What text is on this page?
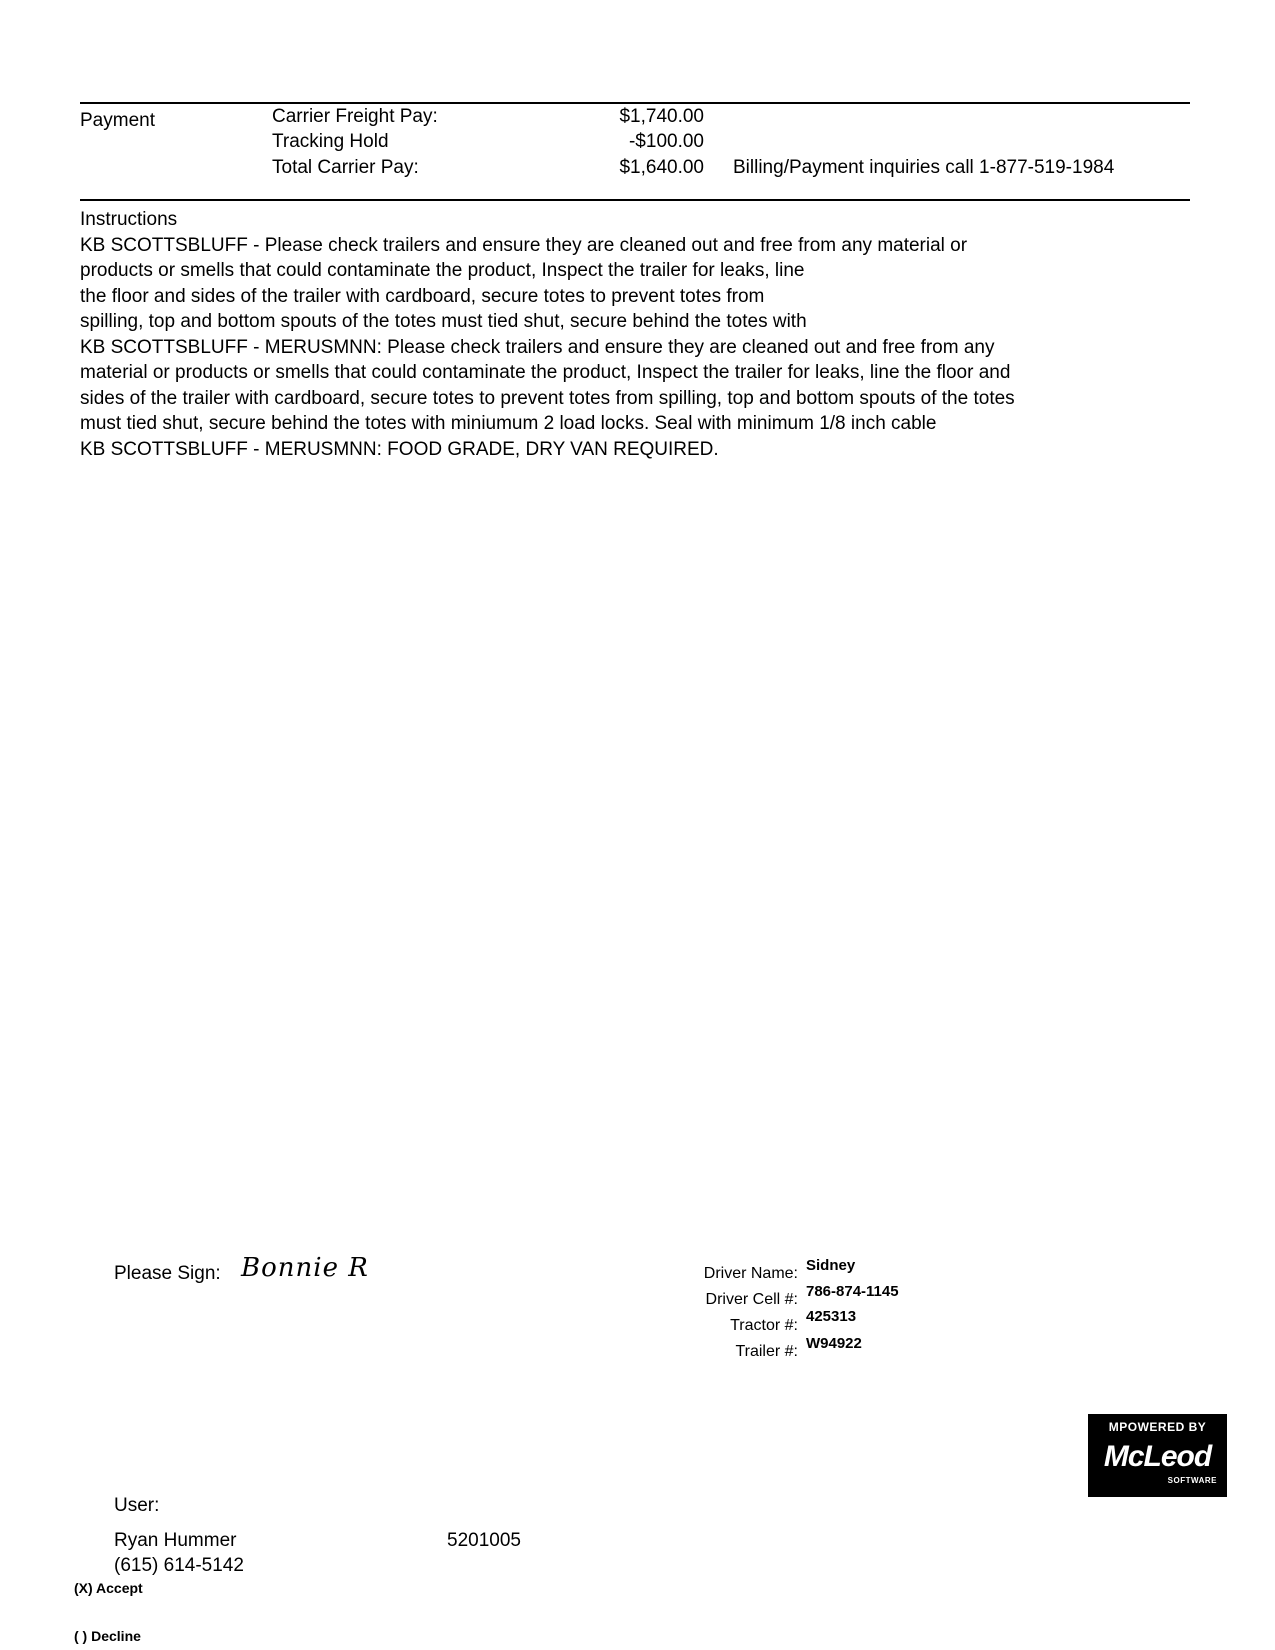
Payment	Carrier Freight Pay:	$1,740.00
Tracking Hold	-$100.00
Total Carrier Pay:	$1,640.00 Billing/Payment inquiries call 1-877-519-1984
Instructions
KB SCOTTSBLUFF - Please check trailers and ensure they are cleaned out and free from any material or
products or smells that could contaminate the product, Inspect the trailer for leaks, line
the floor and sides of the trailer with cardboard, secure totes to prevent totes from
spilling, top and bottom spouts of the totes must tied shut, secure behind the totes with
KB SCOTTSBLUFF - MERUSMNN: Please check trailers and ensure they are cleaned out and free from any
material or products or smells that could contaminate the product, Inspect the trailer for leaks, line the floor and
sides of the trailer with cardboard, secure totes to prevent totes from spilling, top and bottom spouts of the totes
must tied shut, secure behind the totes with miniumum 2 load locks. Seal with minimum 1/8 inch cable
KB SCOTTSBLUFF - MERUSMNN: FOOD GRADE, DRY VAN REQUIRED.
Please Sign: Bonnie R	Driver Name: Sidney
Driver Cell #: 786-874-1145
Tractor #:
425313
Trailer #: W94922
MPOWERED BY
McLeod
SOFTWARE
User:
Ryan Hummer	5201005
(615) 614-5142
(X) Accept
( ) Decline
